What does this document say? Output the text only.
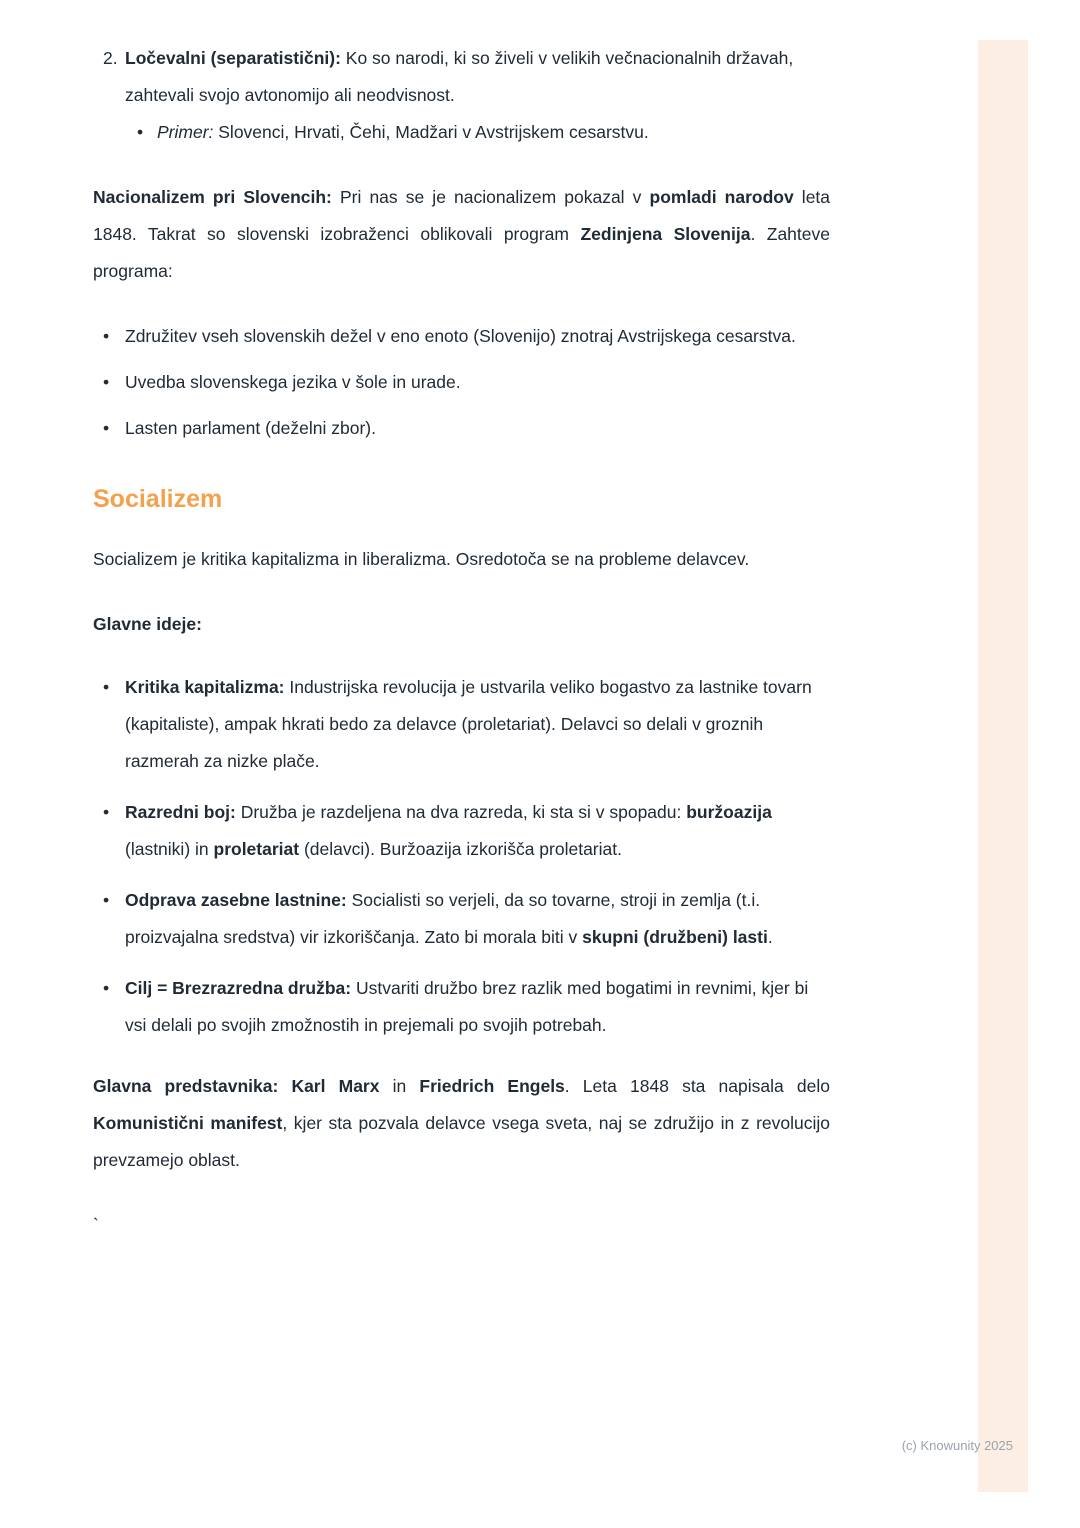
2. Ločevalni (separatistični): Ko so narodi, ki so živeli v velikih večnacionalnih državah, zahtevali svojo avtonomijo ali neodvisnost.

• Primer: Slovenci, Hrvati, Čehi, Madžari v Avstrijskem cesarstvu.

Nacionalizem pri Slovencih: Pri nas se je nacionalizem pokazal v pomladi narodov leta 1848. Takrat so slovenski izobraženci oblikovali program Zedinjena Slovenija. Zahteve programa:

• Združitev vseh slovenskih dežel v eno enoto (Slovenijo) znotraj Avstrijskega cesarstva.

• Uvedba slovenskega jezika v šole in urade.

• Lasten parlament (deželni zbor).

Socializem

Socializem je kritika kapitalizma in liberalizma. Osredotoča se na probleme delavcev.

Glavne ideje:

• Kritika kapitalizma: Industrijska revolucija je ustvarila veliko bogastvo za lastnike tovarn (kapitaliste), ampak hkrati bedo za delavce (proletariat). Delavci so delali v groznih razmerah za nizke plače.

• Razredni boj: Družba je razdeljena na dva razreda, ki sta si v spopadu: buržoazija (lastniki) in proletariat (delavci). Buržoazija izkorišča proletariat.

• Odprava zasebne lastnine: Socialisti so verjeli, da so tovarne, stroji in zemlja (t.i. proizvajalna sredstva) vir izkoriščanja. Zato bi morala biti v skupni (družbeni) lasti.

• Cilj = Brezrazredna družba: Ustvariti družbo brez razlik med bogatimi in revnimi, kjer bi vsi delali po svojih zmožnostih in prejemali po svojih potrebah.

Glavna predstavnika: Karl Marx in Friedrich Engels. Leta 1848 sta napisala delo Komunistični manifest, kjer sta pozvala delavce vsega sveta, naj se združijo in z revolucijo prevzamejo oblast.

`

(c) Knowunity 2025
